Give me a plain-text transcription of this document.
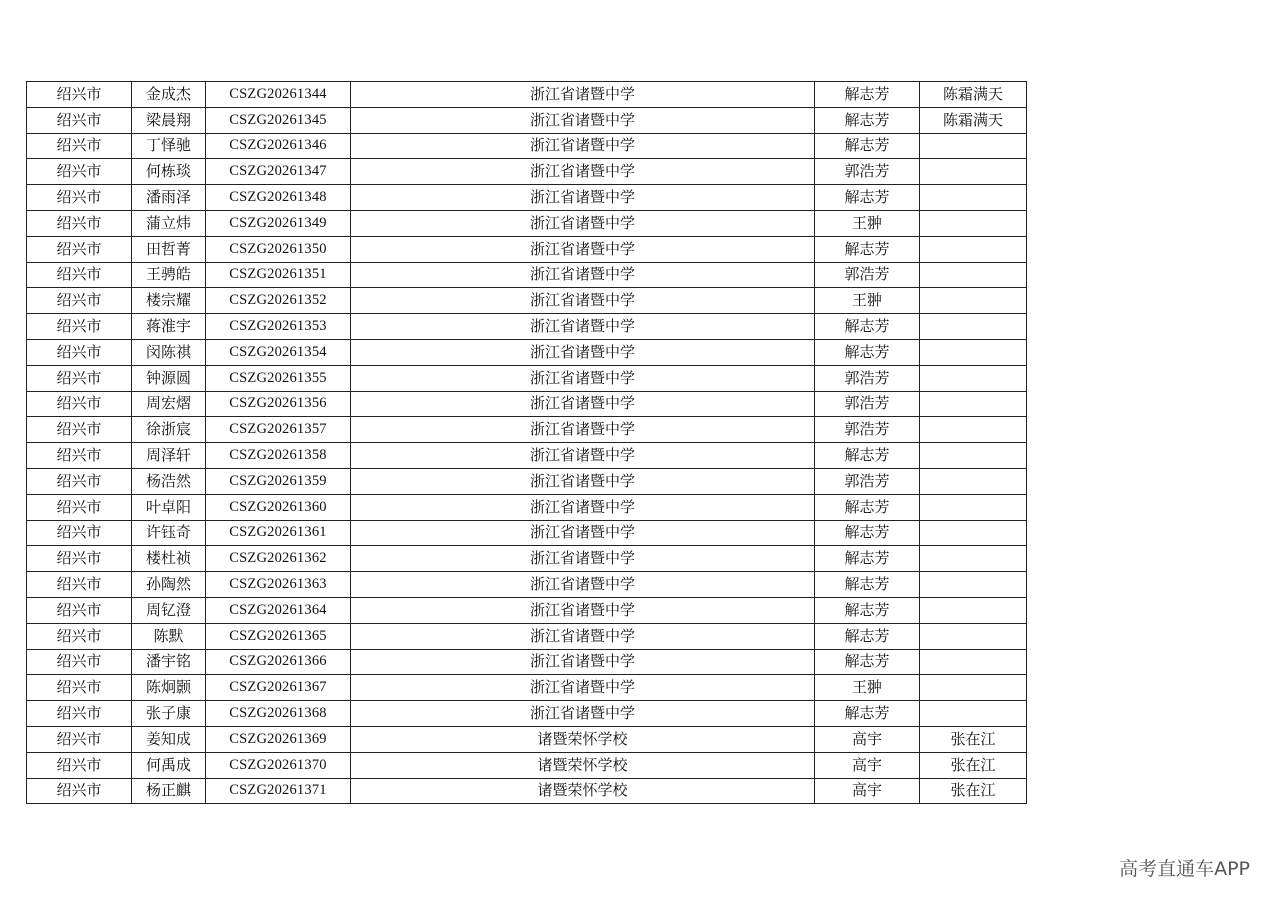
绍兴市	金成杰	CSZG20261344	浙江省诸暨中学	解志芳	陈霜满天
绍兴市	梁晨翔	CSZG20261345	浙江省诸暨中学	解志芳	陈霜满天
绍兴市	丁怿驰	CSZG20261346	浙江省诸暨中学	解志芳	
绍兴市	何栋琰	CSZG20261347	浙江省诸暨中学	郭浩芳	
绍兴市	潘雨泽	CSZG20261348	浙江省诸暨中学	解志芳	
绍兴市	蒲立炜	CSZG20261349	浙江省诸暨中学	王翀	
绍兴市	田哲菁	CSZG20261350	浙江省诸暨中学	解志芳	
绍兴市	王骋皓	CSZG20261351	浙江省诸暨中学	郭浩芳	
绍兴市	楼宗耀	CSZG20261352	浙江省诸暨中学	王翀	
绍兴市	蒋淮宇	CSZG20261353	浙江省诸暨中学	解志芳	
绍兴市	闵陈祺	CSZG20261354	浙江省诸暨中学	解志芳	
绍兴市	钟源圆	CSZG20261355	浙江省诸暨中学	郭浩芳	
绍兴市	周宏熠	CSZG20261356	浙江省诸暨中学	郭浩芳	
绍兴市	徐浙宸	CSZG20261357	浙江省诸暨中学	郭浩芳	
绍兴市	周泽轩	CSZG20261358	浙江省诸暨中学	解志芳	
绍兴市	杨浩然	CSZG20261359	浙江省诸暨中学	郭浩芳	
绍兴市	叶卓阳	CSZG20261360	浙江省诸暨中学	解志芳	
绍兴市	许钰奇	CSZG20261361	浙江省诸暨中学	解志芳	
绍兴市	楼杜祯	CSZG20261362	浙江省诸暨中学	解志芳	
绍兴市	孙陶然	CSZG20261363	浙江省诸暨中学	解志芳	
绍兴市	周钇澄	CSZG20261364	浙江省诸暨中学	解志芳	
绍兴市	陈默	CSZG20261365	浙江省诸暨中学	解志芳	
绍兴市	潘宇铭	CSZG20261366	浙江省诸暨中学	解志芳	
绍兴市	陈炯颢	CSZG20261367	浙江省诸暨中学	王翀	
绍兴市	张子康	CSZG20261368	浙江省诸暨中学	解志芳	
绍兴市	姜知成	CSZG20261369	诸暨荣怀学校	高宇	张在江
绍兴市	何禹成	CSZG20261370	诸暨荣怀学校	高宇	张在江
绍兴市	杨正麒	CSZG20261371	诸暨荣怀学校	高宇	张在江
高考直通车APP
